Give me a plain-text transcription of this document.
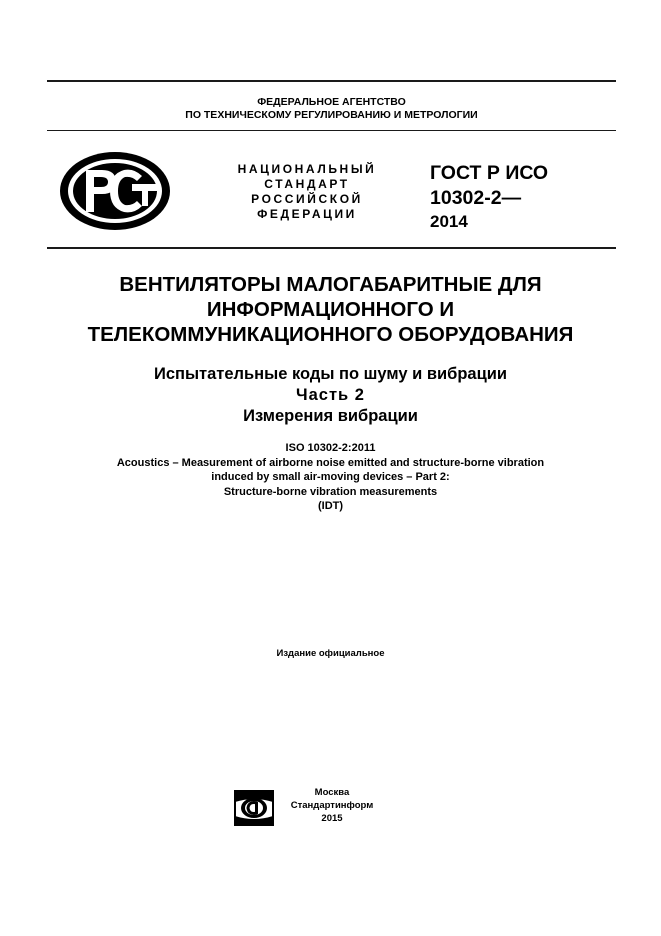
ФЕДЕРАЛЬНОЕ АГЕНТСТВО
ПО ТЕХНИЧЕСКОМУ РЕГУЛИРОВАНИЮ И МЕТРОЛОГИИ
НАЦИОНАЛЬНЫЙ
СТАНДАРТ
РОССИЙСКОЙ
ФЕДЕРАЦИИ
ГОСТ Р ИСО
10302-2—
2014
ВЕНТИЛЯТОРЫ МАЛОГАБАРИТНЫЕ ДЛЯ
ИНФОРМАЦИОННОГО И
ТЕЛЕКОММУНИКАЦИОННОГО ОБОРУДОВАНИЯ
Испытательные коды по шуму и вибрации
Часть 2
Измерения вибрации
ISO 10302-2:2011
Acoustics – Measurement of airborne noise emitted and structure-borne vibration
induced by small air-moving devices – Part 2:
Structure-borne vibration measurements
(IDT)
Издание официальное
Москва
Стандартинформ
2015
